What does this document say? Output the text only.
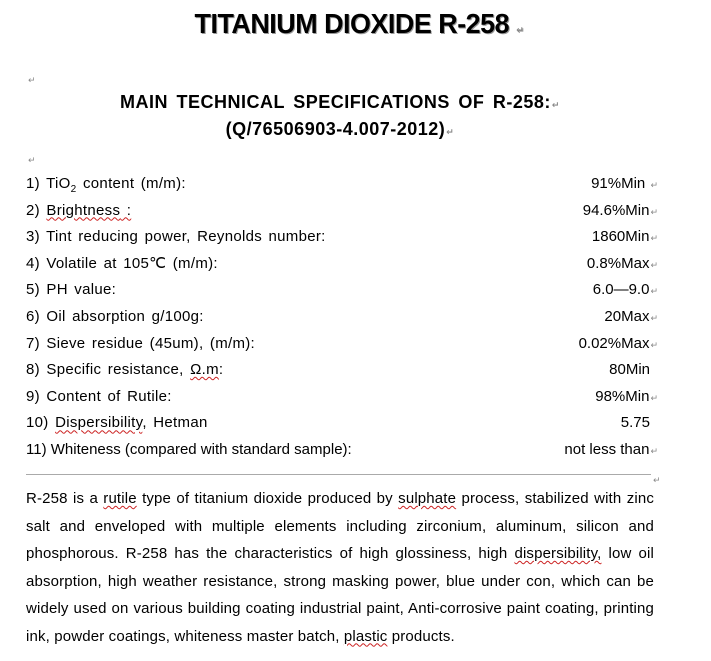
TITANIUM DIOXIDE R-258 ↵
↵
MAIN TECHNICAL SPECIFICATIONS OF R-258:↵
(Q/76506903-4.007-2012)↵
↵
1) TiO$_2$ content (m/m):	91%Min ↵
2) Brightness :	94.6%Min↵
3) Tint reducing power, Reynolds number:	1860Min↵
4) Volatile at 105℃ (m/m):	0.8%Max↵
5) PH value:	6.0—9.0↵
6) Oil absorption g/100g:	20Max↵
7) Sieve residue (45um), (m/m):	0.02%Max↵
8) Specific resistance, Ω.m:	80Min
9) Content of Rutile:	98%Min↵
10) Dispersibility, Hetman	5.75
11) Whiteness (compared with standard sample):	not less than↵
↵
R-258 is a rutile type of titanium dioxide produced by sulphate process, stabilized with zinc salt and enveloped with multiple elements including zirconium, aluminum, silicon and phosphorous. R-258 has the characteristics of high glossiness, high dispersibility, low oil absorption, high weather resistance, strong masking power, blue under con, which can be widely used on various building coating industrial paint, Anti-corrosive paint coating, printing ink, powder coatings, whiteness master batch, plastic products.
